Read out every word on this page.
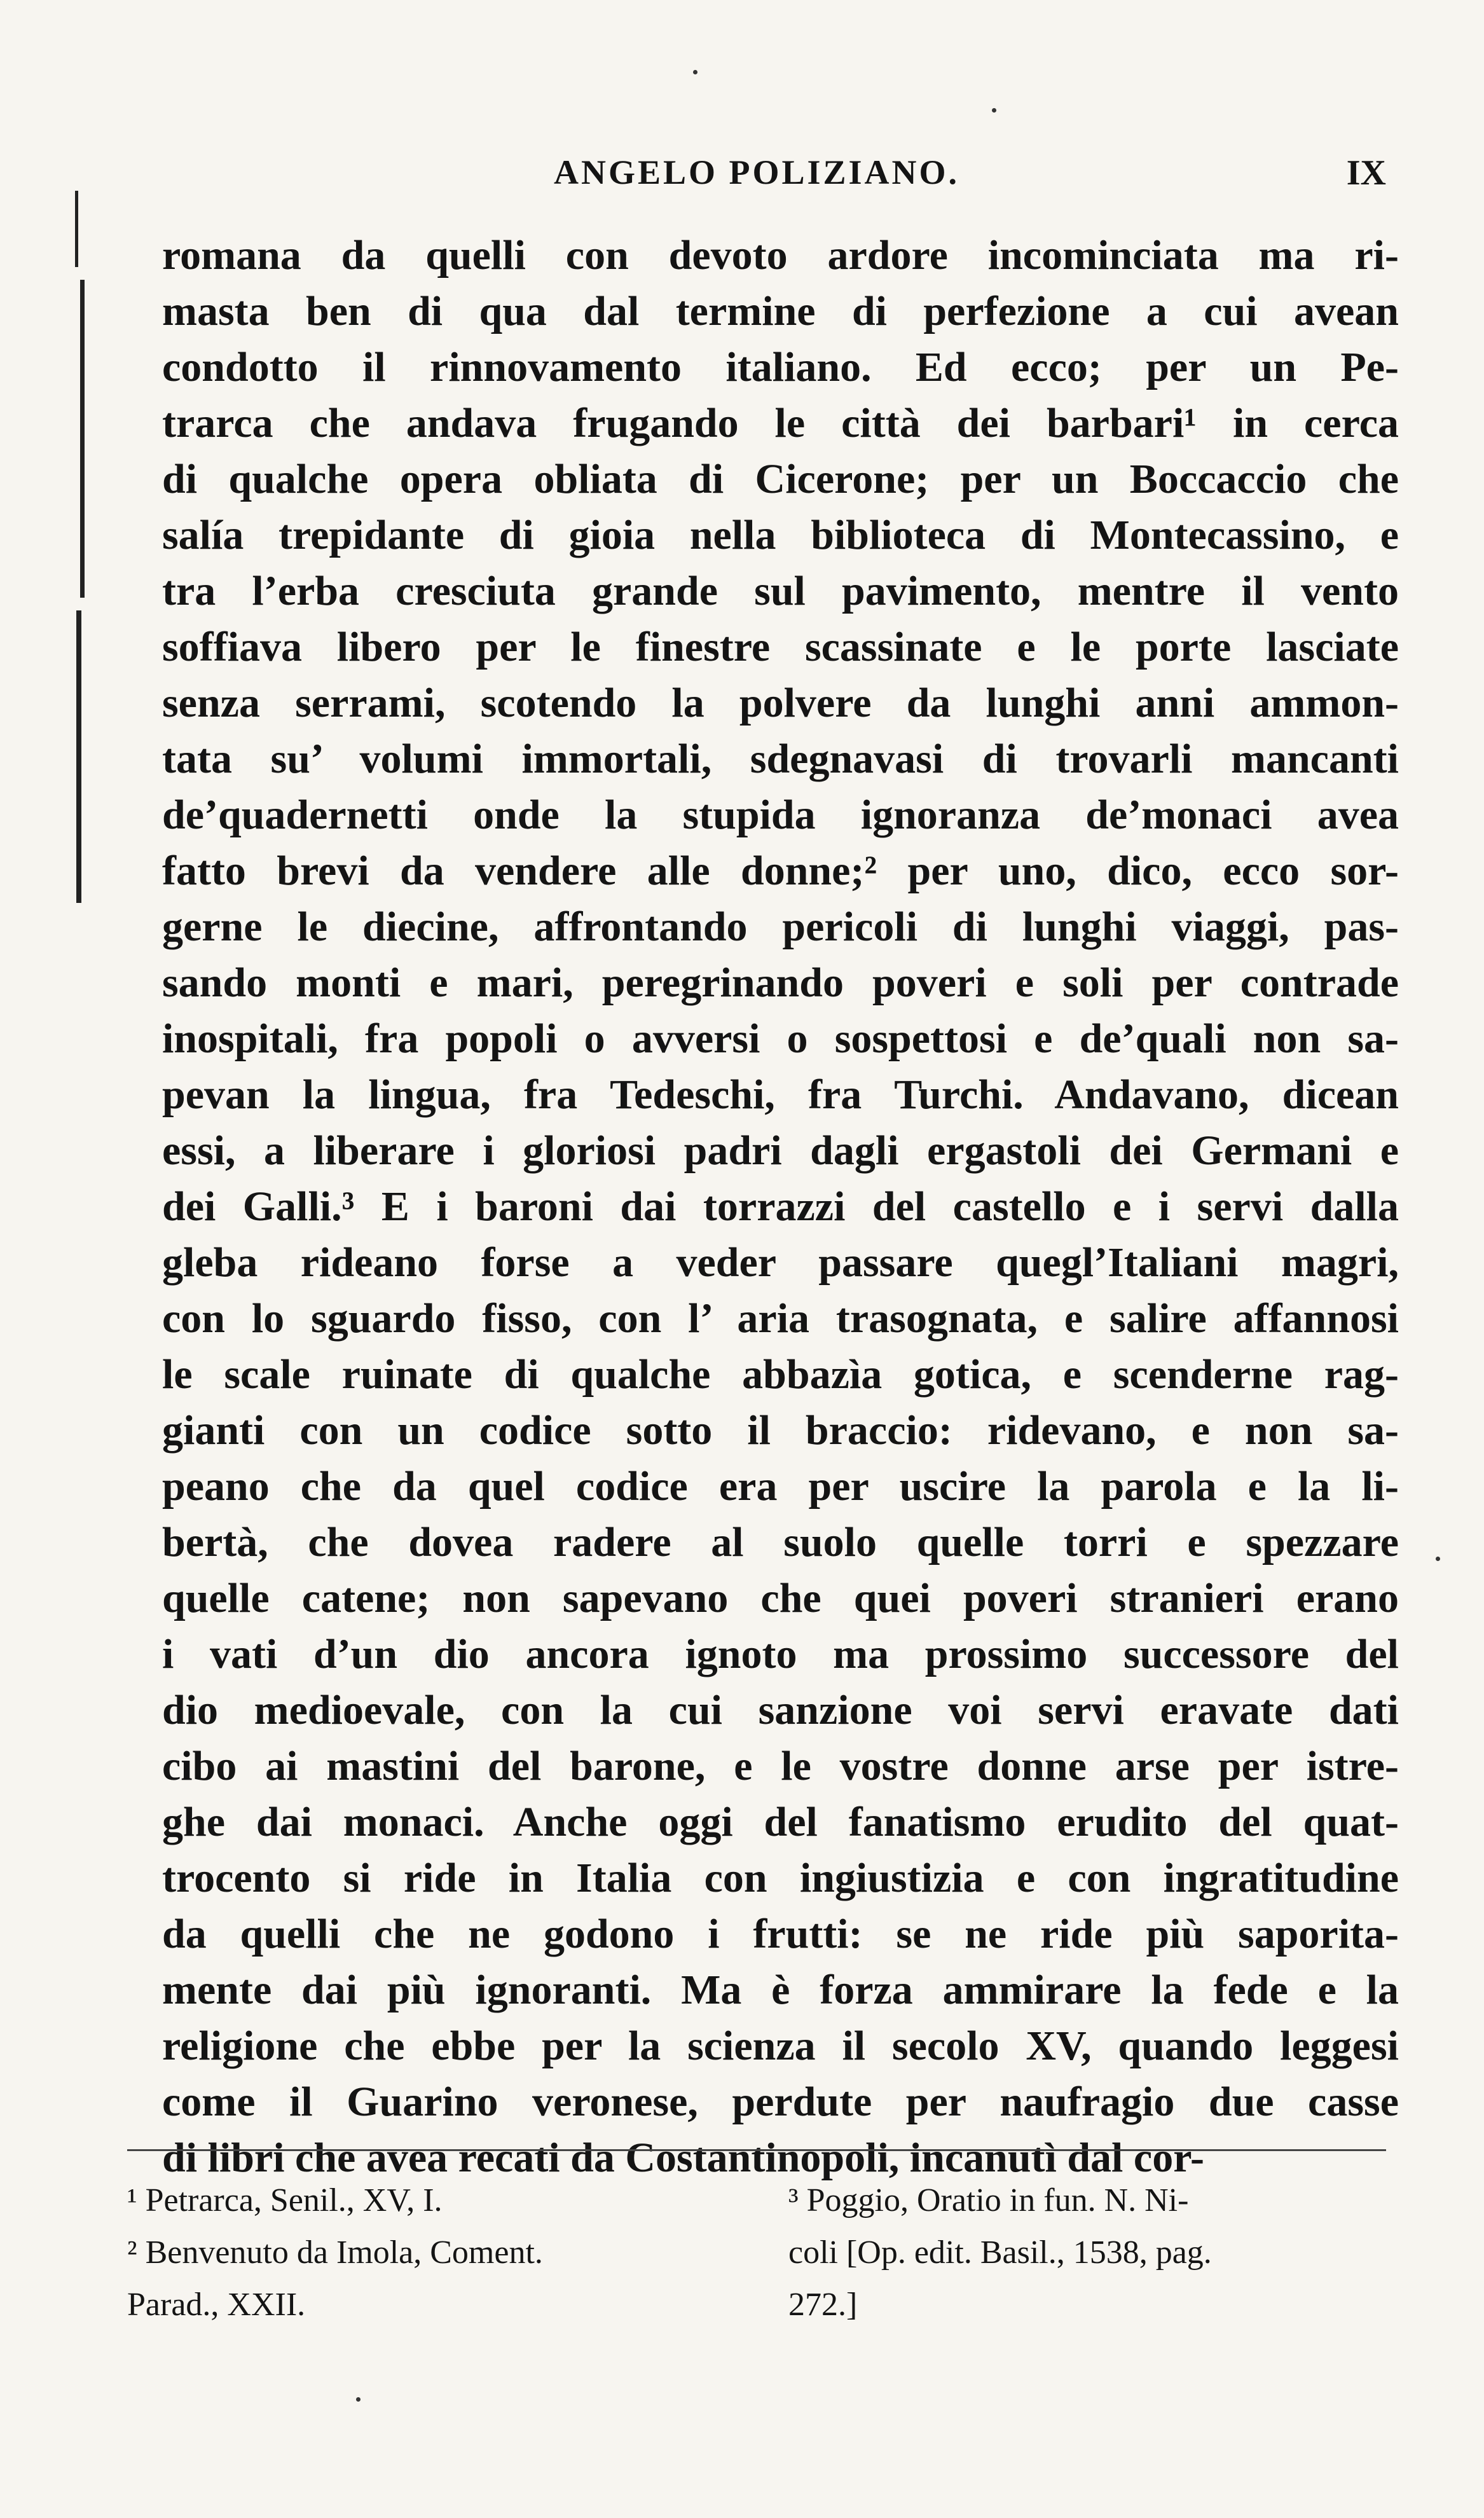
ANGELO POLIZIANO.	IX
romana da quelli con devoto ardore incominciata ma ri-
masta ben di qua dal termine di perfezione a cui avean
condotto il rinnovamento italiano. Ed ecco; per un Pe-
trarca che andava frugando le città dei barbari¹ in cerca
di qualche opera obliata di Cicerone; per un Boccaccio che
salía trepidante di gioia nella biblioteca di Montecassino, e
tra l’erba cresciuta grande sul pavimento, mentre il vento
soffiava libero per le finestre scassinate e le porte lasciate
senza serrami, scotendo la polvere da lunghi anni ammon-
tata su’ volumi immortali, sdegnavasi di trovarli mancanti
de’quadernetti onde la stupida ignoranza de’monaci avea
fatto brevi da vendere alle donne;² per uno, dico, ecco sor-
gerne le diecine, affrontando pericoli di lunghi viaggi, pas-
sando monti e mari, peregrinando poveri e soli per contrade
inospitali, fra popoli o avversi o sospettosi e de’quali non sa-
pevan la lingua, fra Tedeschi, fra Turchi. Andavano, dicean
essi, a liberare i gloriosi padri dagli ergastoli dei Germani e
dei Galli.³ E i baroni dai torrazzi del castello e i servi dalla
gleba rideano forse a veder passare quegl’Italiani magri,
con lo sguardo fisso, con l’ aria trasognata, e salire affannosi
le scale ruinate di qualche abbazìa gotica, e scenderne rag-
gianti con un codice sotto il braccio: ridevano, e non sa-
peano che da quel codice era per uscire la parola e la li-
bertà, che dovea radere al suolo quelle torri e spezzare
quelle catene; non sapevano che quei poveri stranieri erano
i vati d’un dio ancora ignoto ma prossimo successore del
dio medioevale, con la cui sanzione voi servi eravate dati
cibo ai mastini del barone, e le vostre donne arse per istre-
ghe dai monaci. Anche oggi del fanatismo erudito del quat-
trocento si ride in Italia con ingiustizia e con ingratitudine
da quelli che ne godono i frutti: se ne ride più saporita-
mente dai più ignoranti. Ma è forza ammirare la fede e la
religione che ebbe per la scienza il secolo XV, quando leggesi
come il Guarino veronese, perdute per naufragio due casse
di libri che avea recati da Costantinopoli, incanutì dal cor-
¹ Petrarca, Senil., XV, I.
² Benvenuto da Imola, Coment.
Parad., XXII.
³ Poggio, Oratio in fun. N. Ni-
coli [Op. edit. Basil., 1538, pag.
272.]
